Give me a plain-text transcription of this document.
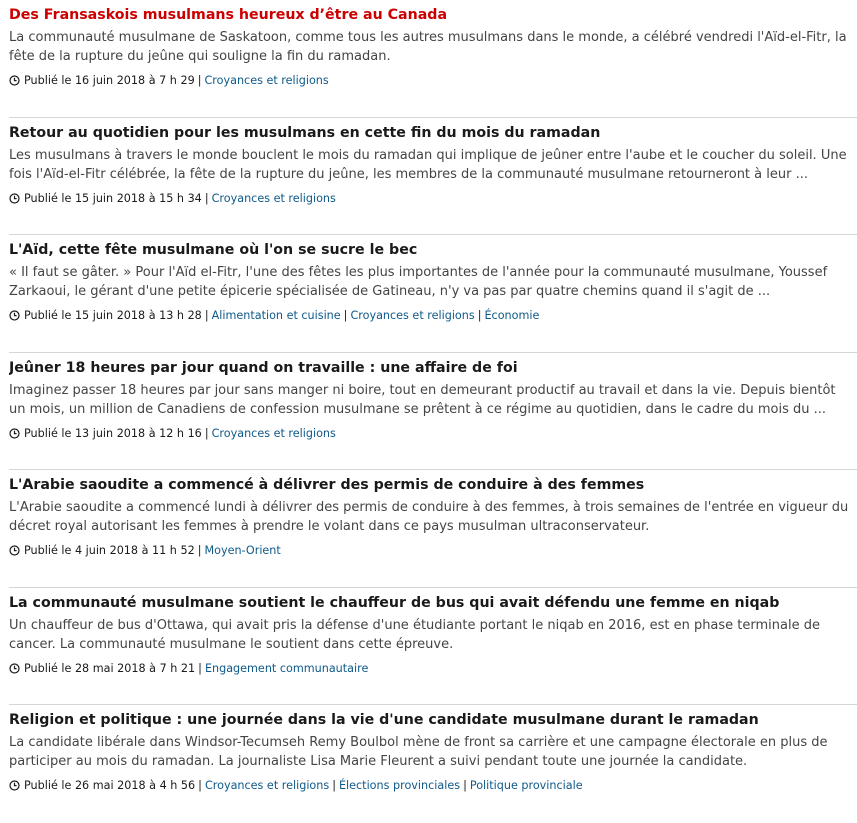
Des Fransaskois musulmans heureux d’être au Canada

La communauté musulmane de Saskatoon, comme tous les autres musulmans dans le monde, a célébré vendredi l'Aïd-el-Fitr, la fête de la rupture du jeûne qui souligne la fin du ramadan.

Publié le 16 juin 2018 à 7 h 29 | Croyances et religions
Retour au quotidien pour les musulmans en cette fin du mois du ramadan

Les musulmans à travers le monde bouclent le mois du ramadan qui implique de jeûner entre l'aube et le coucher du soleil. Une fois l'Aïd-el-Fitr célébrée, la fête de la rupture du jeûne, les membres de la communauté musulmane retourneront à leur ...

Publié le 15 juin 2018 à 15 h 34 | Croyances et religions
L'Aïd, cette fête musulmane où l'on se sucre le bec

« Il faut se gâter. » Pour l'Aïd el-Fitr, l'une des fêtes les plus importantes de l'année pour la communauté musulmane, Youssef Zarkaoui, le gérant d'une petite épicerie spécialisée de Gatineau, n'y va pas par quatre chemins quand il s'agit de ...

Publié le 15 juin 2018 à 13 h 28 | Alimentation et cuisine | Croyances et religions | Économie
Jeûner 18 heures par jour quand on travaille : une affaire de foi

Imaginez passer 18 heures par jour sans manger ni boire, tout en demeurant productif au travail et dans la vie. Depuis bientôt un mois, un million de Canadiens de confession musulmane se prêtent à ce régime au quotidien, dans le cadre du mois du ...

Publié le 13 juin 2018 à 12 h 16 | Croyances et religions
L'Arabie saoudite a commencé à délivrer des permis de conduire à des femmes

L'Arabie saoudite a commencé lundi à délivrer des permis de conduire à des femmes, à trois semaines de l'entrée en vigueur du décret royal autorisant les femmes à prendre le volant dans ce pays musulman ultraconservateur.

Publié le 4 juin 2018 à 11 h 52 | Moyen-Orient
La communauté musulmane soutient le chauffeur de bus qui avait défendu une femme en niqab

Un chauffeur de bus d'Ottawa, qui avait pris la défense d'une étudiante portant le niqab en 2016, est en phase terminale de cancer. La communauté musulmane le soutient dans cette épreuve.

Publié le 28 mai 2018 à 7 h 21 | Engagement communautaire
Religion et politique : une journée dans la vie d'une candidate musulmane durant le ramadan

La candidate libérale dans Windsor-Tecumseh Remy Boulbol mène de front sa carrière et une campagne électorale en plus de participer au mois du ramadan. La journaliste Lisa Marie Fleurent a suivi pendant toute une journée la candidate.

Publié le 26 mai 2018 à 4 h 56 | Croyances et religions | Élections provinciales | Politique provinciale
